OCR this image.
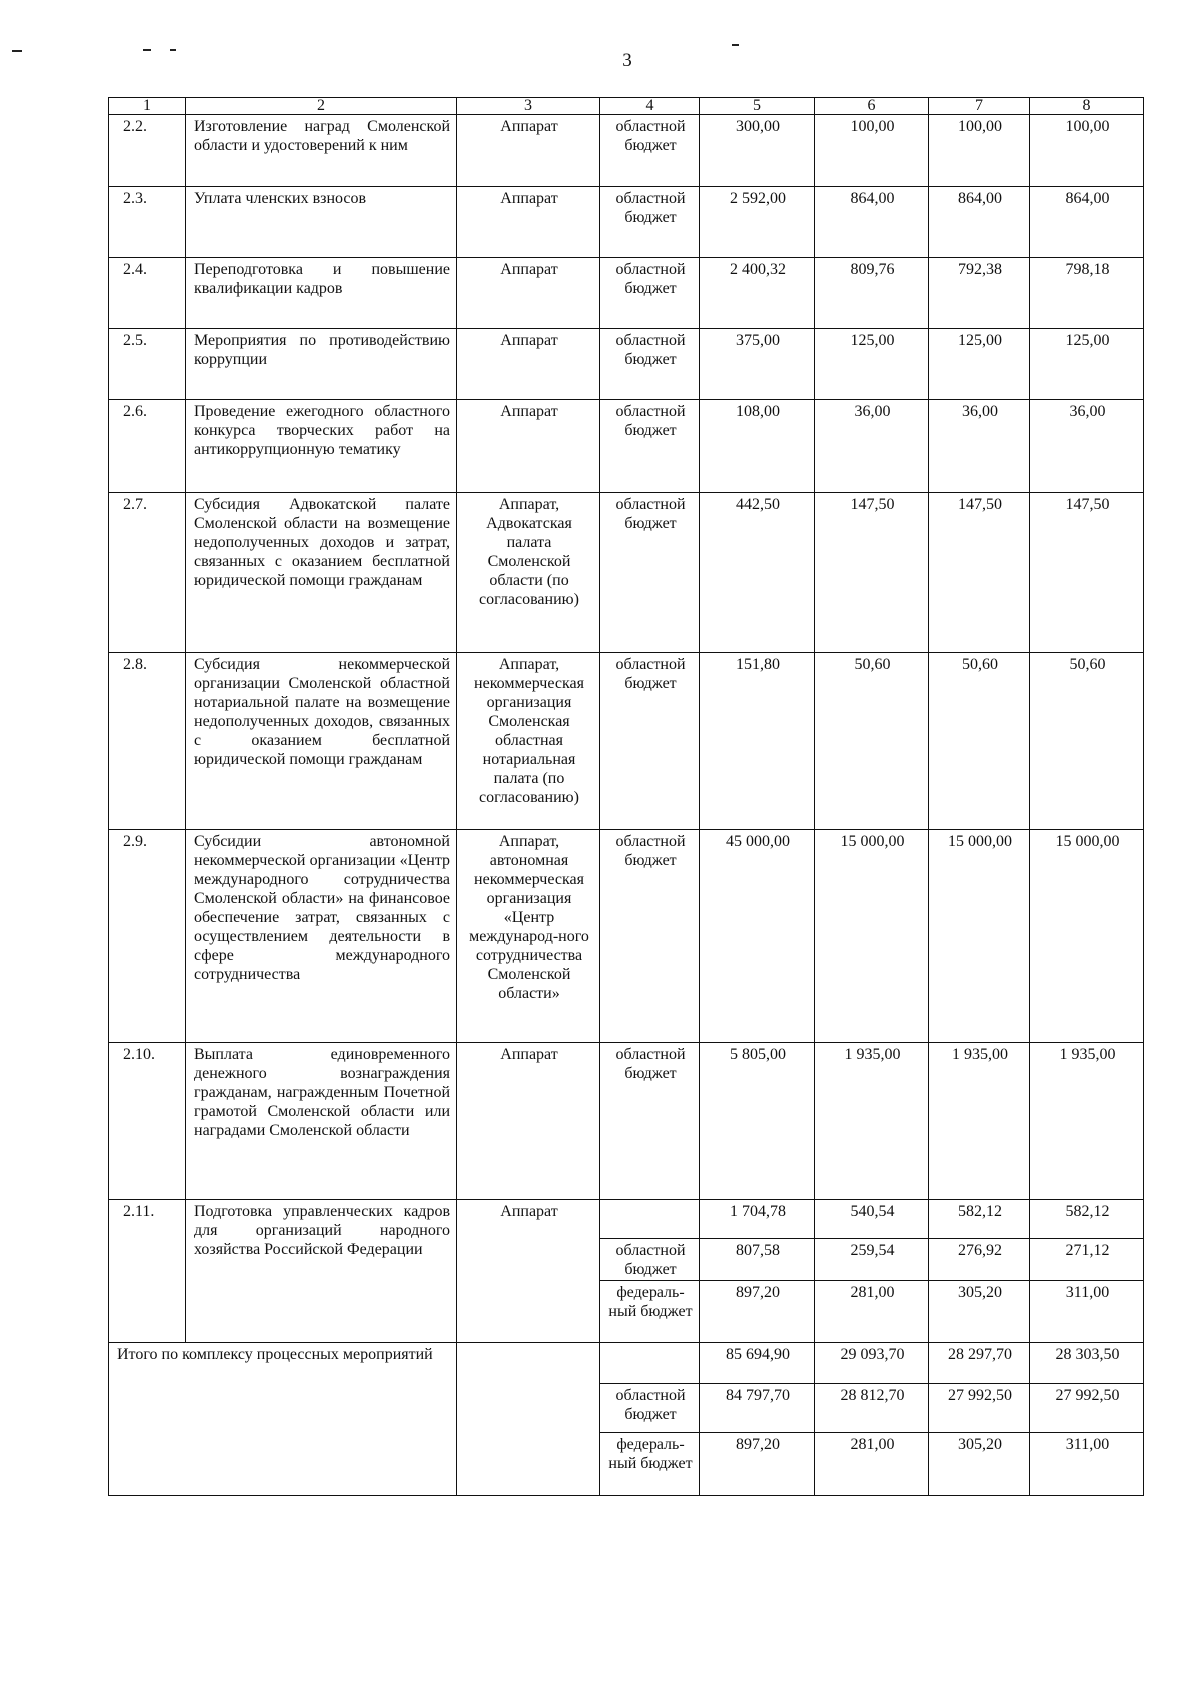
3
1	2	3	4	5	6	7	8
2.2.	Изготовление наград Смоленской области и удостоверений к ним	Аппарат	областной бюджет	300,00	100,00	100,00	100,00
2.3.	Уплата членских взносов	Аппарат	областной бюджет	2 592,00	864,00	864,00	864,00
2.4.	Переподготовка и повышение квалификации кадров	Аппарат	областной бюджет	2 400,32	809,76	792,38	798,18
2.5.	Мероприятия по противодействию коррупции	Аппарат	областной бюджет	375,00	125,00	125,00	125,00
2.6.	Проведение ежегодного областного конкурса творческих работ на антикоррупционную тематику	Аппарат	областной бюджет	108,00	36,00	36,00	36,00
2.7.	Субсидия Адвокатской палате Смоленской области на возмещение недополученных доходов и затрат, связанных с оказанием бесплатной юридической помощи гражданам	Аппарат, Адвокатская палата Смоленской области (по согласованию)	областной бюджет	442,50	147,50	147,50	147,50
2.8.	Субсидия некоммерческой организации Смоленской областной нотариальной палате на возмещение недополученных доходов, связанных с оказанием бесплатной юридической помощи гражданам	Аппарат, некоммерческая организация Смоленская областная нотариальная палата (по согласованию)	областной бюджет	151,80	50,60	50,60	50,60
2.9.	Субсидии автономной некоммерческой организации «Центр международного сотрудничества Смоленской области» на финансовое обеспечение затрат, связанных с осуществлением деятельности в сфере международного сотрудничества	Аппарат, автономная некоммерческая организация «Центр международ-ного сотрудничества Смоленской области»	областной бюджет	45 000,00	15 000,00	15 000,00	15 000,00
2.10.	Выплата единовременного денежного вознаграждения гражданам, награжденным Почетной грамотой Смоленской области или наградами Смоленской области	Аппарат	областной бюджет	5 805,00	1 935,00	1 935,00	1 935,00
2.11.	Подготовка управленческих кадров для организаций народного хозяйства Российской Федерации	Аппарат		1 704,78	540,54	582,12	582,12
			областной бюджет	807,58	259,54	276,92	271,12
			федераль-ный бюджет	897,20	281,00	305,20	311,00
Итого по комплексу процессных мероприятий				85 694,90	29 093,70	28 297,70	28 303,50
			областной бюджет	84 797,70	28 812,70	27 992,50	27 992,50
			федераль-ный бюджет	897,20	281,00	305,20	311,00
